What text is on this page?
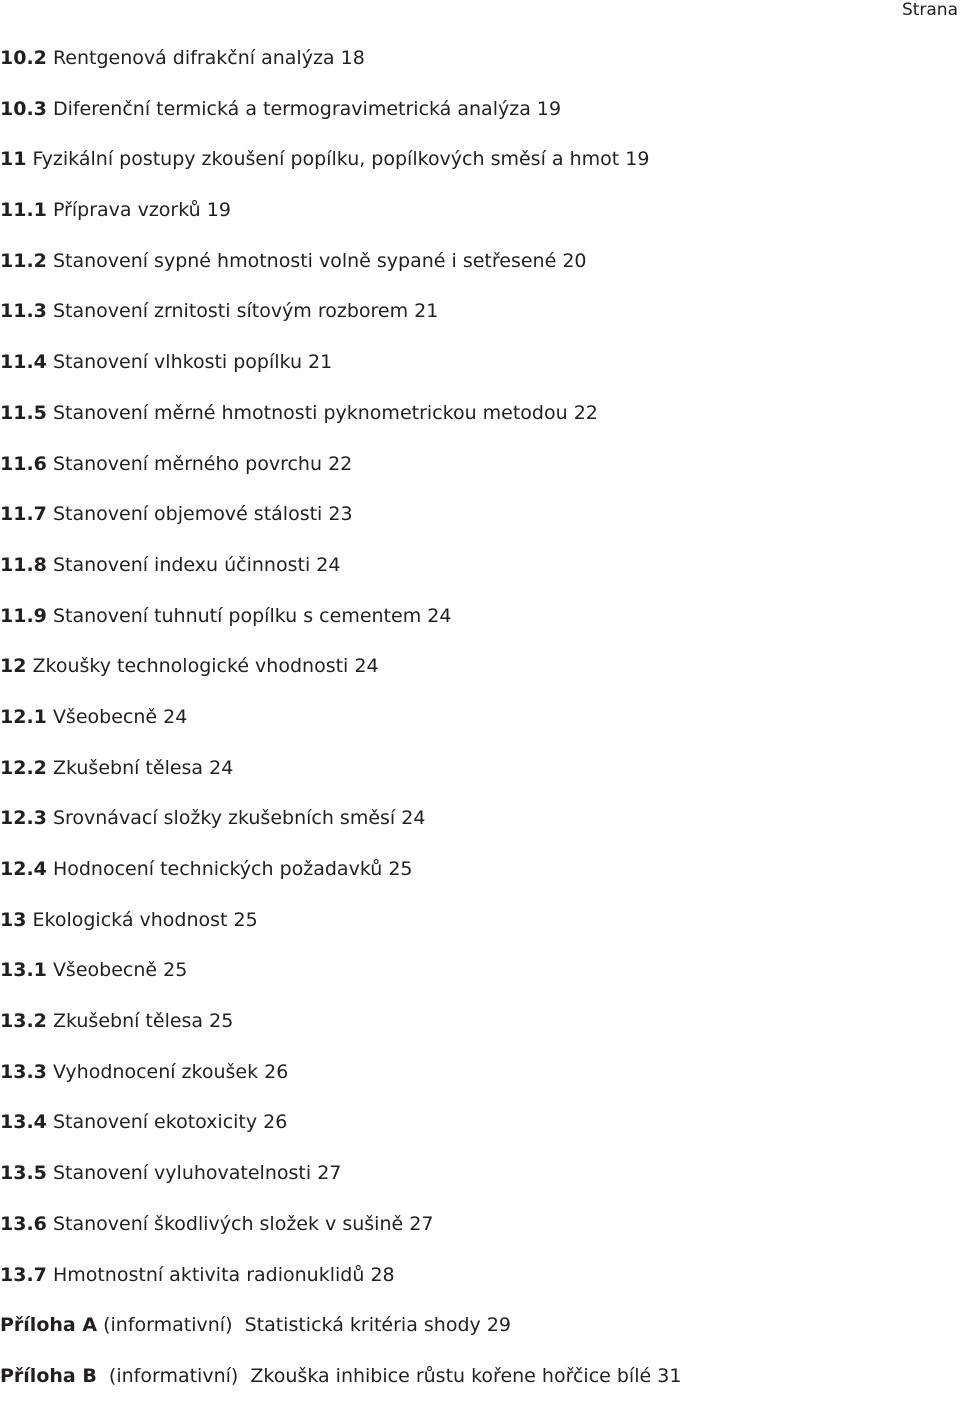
Strana
10.2 Rentgenová difrakční analýza 18
10.3 Diferenční termická a termogravimetrická analýza 19
11 Fyzikální postupy zkoušení popílku, popílkových směsí a hmot 19
11.1 Příprava vzorků 19
11.2 Stanovení sypné hmotnosti volně sypané i setřesené 20
11.3 Stanovení zrnitosti sítovým rozborem 21
11.4 Stanovení vlhkosti popílku 21
11.5 Stanovení měrné hmotnosti pyknometrickou metodou 22
11.6 Stanovení měrného povrchu 22
11.7 Stanovení objemové stálosti 23
11.8 Stanovení indexu účinnosti 24
11.9 Stanovení tuhnutí popílku s cementem 24
12 Zkoušky technologické vhodnosti 24
12.1 Všeobecně 24
12.2 Zkušební tělesa 24
12.3 Srovnávací složky zkušebních směsí 24
12.4 Hodnocení technických požadavků 25
13 Ekologická vhodnost 25
13.1 Všeobecně 25
13.2 Zkušební tělesa 25
13.3 Vyhodnocení zkoušek 26
13.4 Stanovení ekotoxicity 26
13.5 Stanovení vyluhovatelnosti 27
13.6 Stanovení škodlivých složek v sušině 27
13.7 Hmotnostní aktivita radionuklidů 28
Příloha A (informativní) Statistická kritéria shody 29
Příloha B (informativní) Zkouška inhibice růstu kořene hořčice bílé 31
